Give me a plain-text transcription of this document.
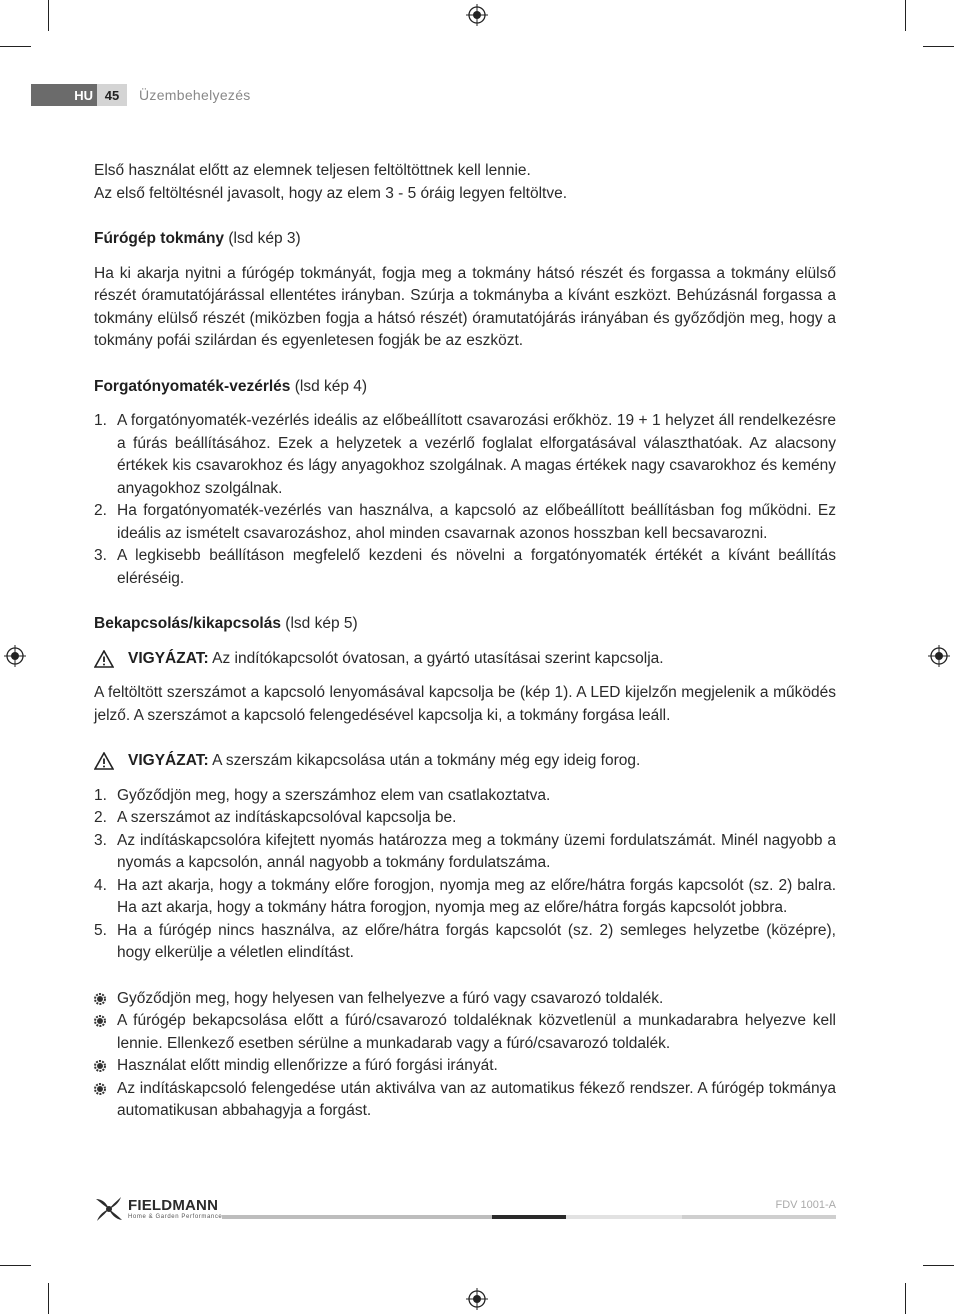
HU 45	Üzembehelyezés

Első használat előtt az elemnek teljesen feltöltöttnek kell lennie.

Az első feltöltésnél javasolt, hogy az elem 3 - 5 óráig legyen feltöltve.

Fúrógép tokmány (lsd kép 3)

Ha ki akarja nyitni a fúrógép tokmányát, fogja meg a tokmány hátsó részét és forgassa a tokmány elülső részét óramutatójárással ellentétes irányban. Szúrja a tokmányba a kívánt eszközt. Behúzásnál forgassa a tokmány elülső részét (miközben fogja a hátsó részét) óramutatójárás irányában és győződjön meg, hogy a tokmány pofái szilárdan és egyenletesen fogják be az eszközt.

Forgatónyomaték-vezérlés (lsd kép 4)

1. A forgatónyomaték-vezérlés ideális az előbeállított csavarozási erőkhöz. 19 + 1 helyzet áll rendelkezésre a fúrás beállításához. Ezek a helyzetek a vezérlő foglalat elforgatásával választhatóak. Az alacsony értékek kis csavarokhoz és lágy anyagokhoz szolgálnak. A magas értékek nagy csavarokhoz és kemény anyagokhoz szolgálnak.
2. Ha forgatónyomaték-vezérlés van használva, a kapcsoló az előbeállított beállításban fog működni. Ez ideális az ismételt csavarozáshoz, ahol minden csavarnak azonos hosszban kell becsavarozni.
3. A legkisebb beállításon megfelelő kezdeni és növelni a forgatónyomaték értékét a kívánt beállítás eléréséig.

Bekapcsolás/kikapcsolás (lsd kép 5)

VIGYÁZAT: Az indítókapcsolót óvatosan, a gyártó utasításai szerint kapcsolja.

A feltöltött szerszámot a kapcsoló lenyomásával kapcsolja be (kép 1). A LED kijelzőn megjelenik a működés jelző. A szerszámot a kapcsoló felengedésével kapcsolja ki, a tokmány forgása leáll.

VIGYÁZAT: A szerszám kikapcsolása után a tokmány még egy ideig forog.

1. Győződjön meg, hogy a szerszámhoz elem van csatlakoztatva.
2. A szerszámot az indításkapcsolóval kapcsolja be.
3. Az indításkapcsolóra kifejtett nyomás határozza meg a tokmány üzemi fordulatszámát. Minél nagyobb a nyomás a kapcsolón, annál nagyobb a tokmány fordulatszáma.
4. Ha azt akarja, hogy a tokmány előre forogjon, nyomja meg az előre/hátra forgás kapcsolót (sz. 2) balra. Ha azt akarja, hogy a tokmány hátra forogjon, nyomja meg az előre/hátra forgás kapcsolót jobbra.
5. Ha a fúrógép nincs használva, az előre/hátra forgás kapcsolót (sz. 2) semleges helyzetbe (középre), hogy elkerülje a véletlen elindítást.
Győződjön meg, hogy helyesen van felhelyezve a fúró vagy csavarozó toldalék.
A fúrógép bekapcsolása előtt a fúró/csavarozó toldaléknak közvetlenül a munkadarabra helyezve kell lennie. Ellenkező esetben sérülne a munkadarab vagy a fúró/csavarozó toldalék.
Használat előtt mindig ellenőrizze a fúró forgási irányát.
Az indításkapcsoló felengedése után aktiválva van az automatikus fékező rendszer. A fúrógép tokmánya automatikusan abbahagyja a forgást.
FIELDMANN
Home & Garden Performance
FDV 1001-A
